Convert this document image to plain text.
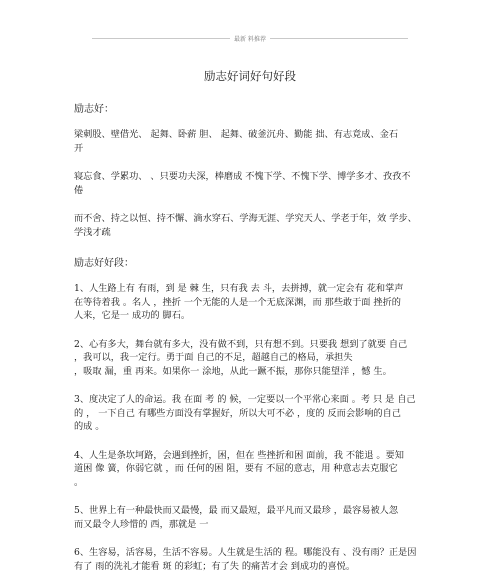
最新 料推荐
励志好词好句好段

励志好：

梁刺股、壁借光、 起舞、卧薪 胆、 起舞、破釜沉舟、勤能 拙、有志竟成、金石

开

寝忘食、学累功、 、只要功夫深，棒磨成 不愧下学、不愧下学、博学多才、孜孜不

倦

而不舍、持之以恒、持不懈、滴水穿石、学海无涯、学究天人、学老于年，效 学步、

学浅才疏

励志好好段：

1、人生路上有 有雨，到 是 棘 生，只有我 去 斗，去拼搏，就一定会有 花和掌声

在等待着我 。名人 ，挫折 一个无能的人是一个无底深渊，而 那些敢于面 挫折的

人来，它是一 成功的 脚石。

2、心有多大，舞台就有多大，没有做不到，只有想不到。只要我 想到了就要 自己

，我可以，我一定行。勇于面 自己的不足，超越自己的格局，承担失

，吸取 漏，重 再来。如果你一 涂地，从此一蹶不振，那你只能望洋 ，憾 生。

3、度决定了人的命运。我 在面 考 的 候，一定要以一个平常心来面 。考 只 是 自己

的 ， 一下自己 有哪些方面没有掌握好，所以大可不必 ，度的 反而会影响的自己

的成 。

4、人生是条坎坷路，会遇到挫折，困，但在 些挫折和困 面前，我 不能退 。要知

道困 像 簧，你弱它就 ，而 任何的困 阻，要有 不屈的意志，用 种意志去克服它

。

5、世界上有一种最快而又最慢，最 而又最短，最平凡而又最珍 ，最容易被人忽

而又最令人珍惜的 西，那就是 一

6、生容易，活容易，生活不容易。人生就是生活的 程。哪能没有 、没有雨？正是因

有了 雨的洗礼才能看 斑 的彩虹；有了失 的痛苦才会 到成功的喜悦。
